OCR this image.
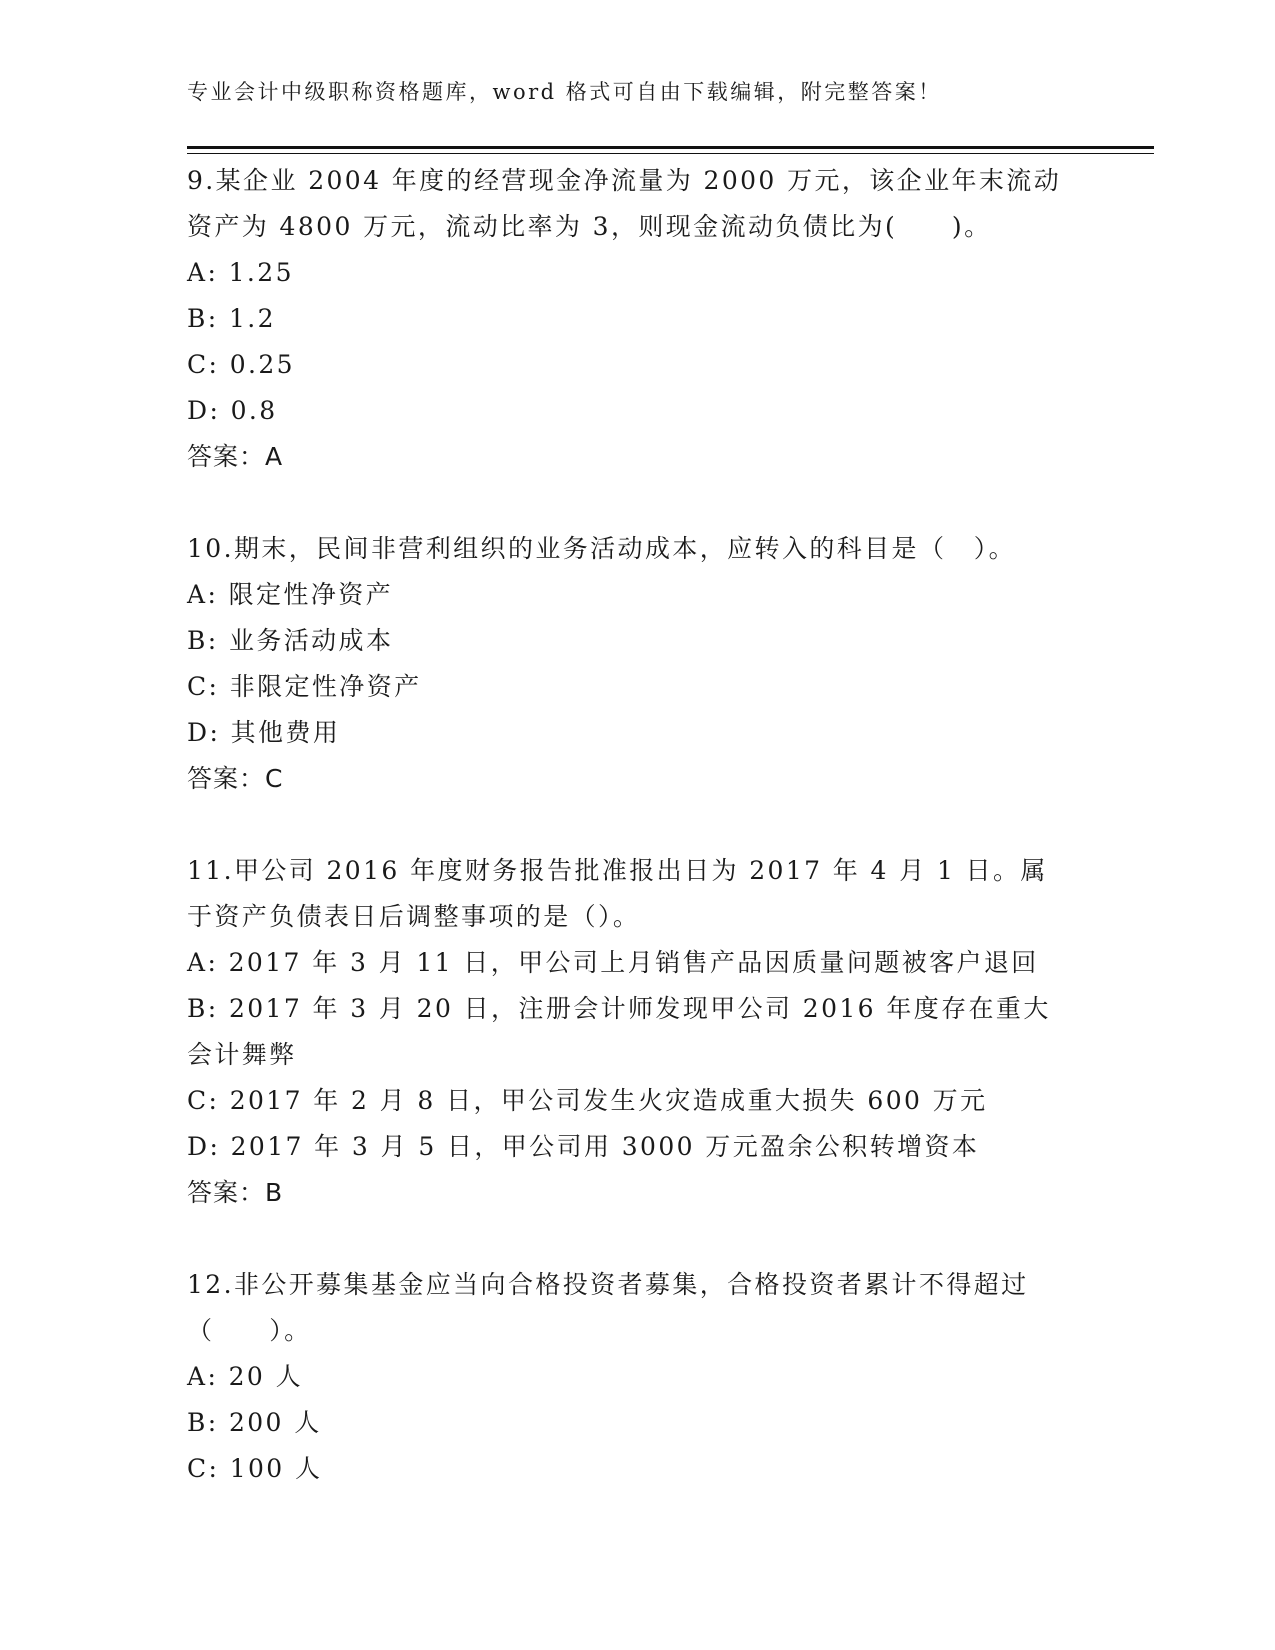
专业会计中级职称资格题库，word 格式可自由下载编辑，附完整答案！
9.某企业 2004 年度的经营现金净流量为 2000 万元，该企业年末流动资产为 4800 万元，流动比率为 3，则现金流动负债比为(　　)。
A: 1.25
B: 1.2
C: 0.25
D: 0.8
答案：A
10.期末，民间非营利组织的业务活动成本，应转入的科目是（　）。
A: 限定性净资产
B: 业务活动成本
C: 非限定性净资产
D: 其他费用
答案：C
11.甲公司 2016 年度财务报告批准报出日为 2017 年 4 月 1 日。属于资产负债表日后调整事项的是（）。
A: 2017 年 3 月 11 日，甲公司上月销售产品因质量问题被客户退回
B: 2017 年 3 月 20 日，注册会计师发现甲公司 2016 年度存在重大会计舞弊
C: 2017 年 2 月 8 日，甲公司发生火灾造成重大损失 600 万元
D: 2017 年 3 月 5 日，甲公司用 3000 万元盈余公积转增资本
答案：B
12.非公开募集基金应当向合格投资者募集，合格投资者累计不得超过（　　）。
A: 20 人
B: 200 人
C: 100 人
